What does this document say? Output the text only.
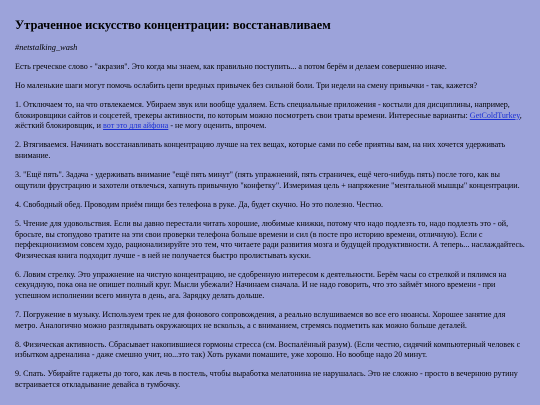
Утраченное искусство концентрации: восстанавливаем
#netstalking_wash

Есть греческое слово - "акразия". Это когда мы знаем, как правильно поступить... а потом берём и делаем совершенно иначе.

Но маленькие шаги могут помочь ослабить цепи вредных привычек без сильной боли. Три недели на смену привычки - так, кажется?

1. Отключаем то, на что отвлекаемся. Убираем звук или вообще удаляем. Есть специальные приложения - костыли для дисциплины, например, блокировщики сайтов и соцсетей, трекеры активности, по которым можно посмотреть свои траты времени. Интересные варианты: GetColdTurkey, жёсткий блокировщик, и вот это для айфона - не могу оценить, впрочем.

2. Втягиваемся. Начинать восстанавливать концентрацию лучше на тех вещах, которые сами по себе приятны вам, на них хочется удерживать внимание.

3. "Ещё пять". Задача - удерживать внимание "ещё пять минут" (пять упражнений, пять страничек, ещё чего-нибудь пять) после того, как вы ощутили фрустрацию и захотели отвлечься, хапнуть привычную "конфетку". Измеримая цель + напряжение "ментальной мышцы" концентрации.

4. Свободный обед. Проводим приём пищи без телефона в руке. Да, будет скучно. Но это полезно. Честно.

5. Чтение для удовольствия. Если вы давно перестали читать хорошие, любимые книжки, потому что надо подлезть то, надо подлезть это - ой, бросьте, вы стопудово тратите на эти свои проверки телефона больше времени и сил (в посте про историю времени, отличную). Если с перфекционизмом совсем худо, рационализируйте это тем, что читаете ради развития мозга и будущей продуктивности. А теперь... наслаждайтесь. Физическая книга подходит лучше - в ней не получается быстро пролистывать куски.

6. Ловим стрелку. Это упражнение на чистую концентрацию, не сдобренную интересом к деятельности. Берём часы со стрелкой и пялимся на секундную, пока она не опишет полный круг. Мысли убежали? Начинаем сначала. И не надо говорить, что это займёт много времени - при успешном исполнении всего минута в день, ага. Зарядку делать дольше.

7. Погружение в музыку. Используем трек не для фонового сопровождения, а реально вслушиваемся во все его нюансы. Хорошее занятие для метро. Аналогично можно разглядывать окружающих не вскользь, а с вниманием, стремясь подметить как можно больше деталей.

8. Физическая активность. Сбрасывает накопившиеся гормоны стресса (см. Воспалённый разум). (Если честно, сидячий компьютерный человек с избытком адреналина - даже смешно учит, но...это так) Хоть руками помашите, уже хорошо. Но вообще надо 20 минут.

9. Спать. Убирайте гаджеты до того, как лечь в постель, чтобы выработка мелатонина не нарушалась. Это не сложно - просто в вечернюю рутину встраивается откладывание девайса в тумбочку.
